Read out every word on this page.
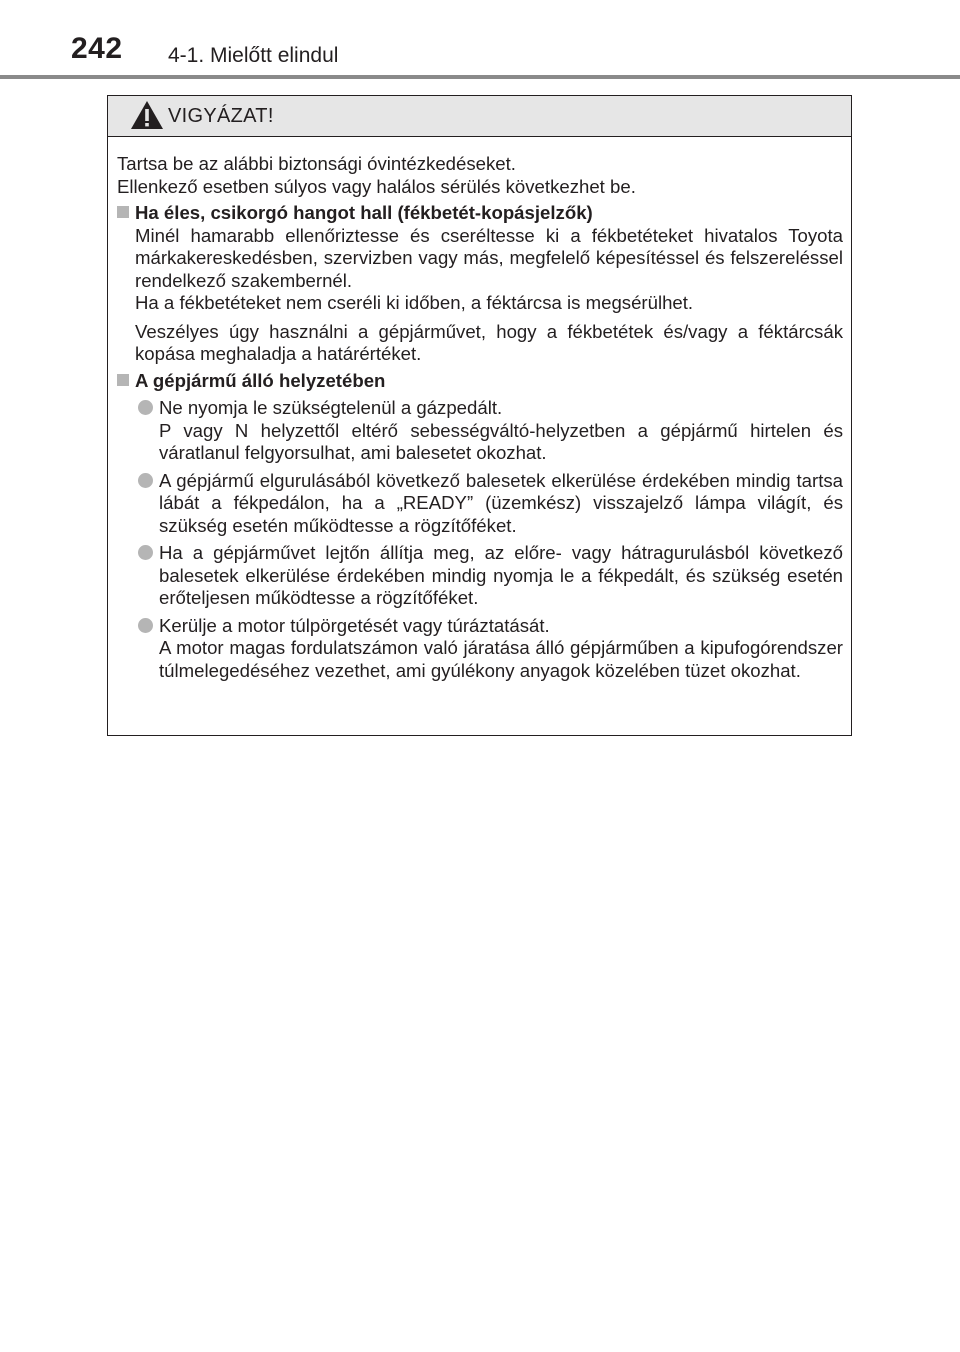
242 4-1. Mielőtt elindul
VIGYÁZAT!

Tartsa be az alábbi biztonsági óvintézkedéseket.

Ellenkező esetben súlyos vagy halálos sérülés következhet be.

Ha éles, csikorgó hangot hall (fékbetét-kopásjelzők)

Minél hamarabb ellenőriztesse és cseréltesse ki a fékbetéteket hivatalos Toyota márkakereskedésben, szervizben vagy más, megfelelő képesítéssel és felszereléssel rendelkező szakembernél.

Ha a fékbetéteket nem cseréli ki időben, a féktárcsa is megsérülhet.

Veszélyes úgy használni a gépjárművet, hogy a fékbetétek és/vagy a féktárcsák kopása meghaladja a határértéket.

A gépjármű álló helyzetében

Ne nyomja le szükségtelenül a gázpedált.

P vagy N helyzettől eltérő sebességváltó-helyzetben a gépjármű hirtelen és váratlanul felgyorsulhat, ami balesetet okozhat.

A gépjármű elgurulásából következő balesetek elkerülése érdekében mindig tartsa lábát a fékpedálon, ha a „READY” (üzemkész) visszajelző lámpa világít, és szükség esetén működtesse a rögzítőféket.

Ha a gépjárművet lejtőn állítja meg, az előre- vagy hátragurulásból következő balesetek elkerülése érdekében mindig nyomja le a fékpedált, és szükség esetén erőteljesen működtesse a rögzítőféket.

Kerülje a motor túlpörgetését vagy túráztatását.

A motor magas fordulatszámon való járatása álló gépjárműben a kipufogórendszer túlmelegedéséhez vezethet, ami gyúlékony anyagok közelében tüzet okozhat.
